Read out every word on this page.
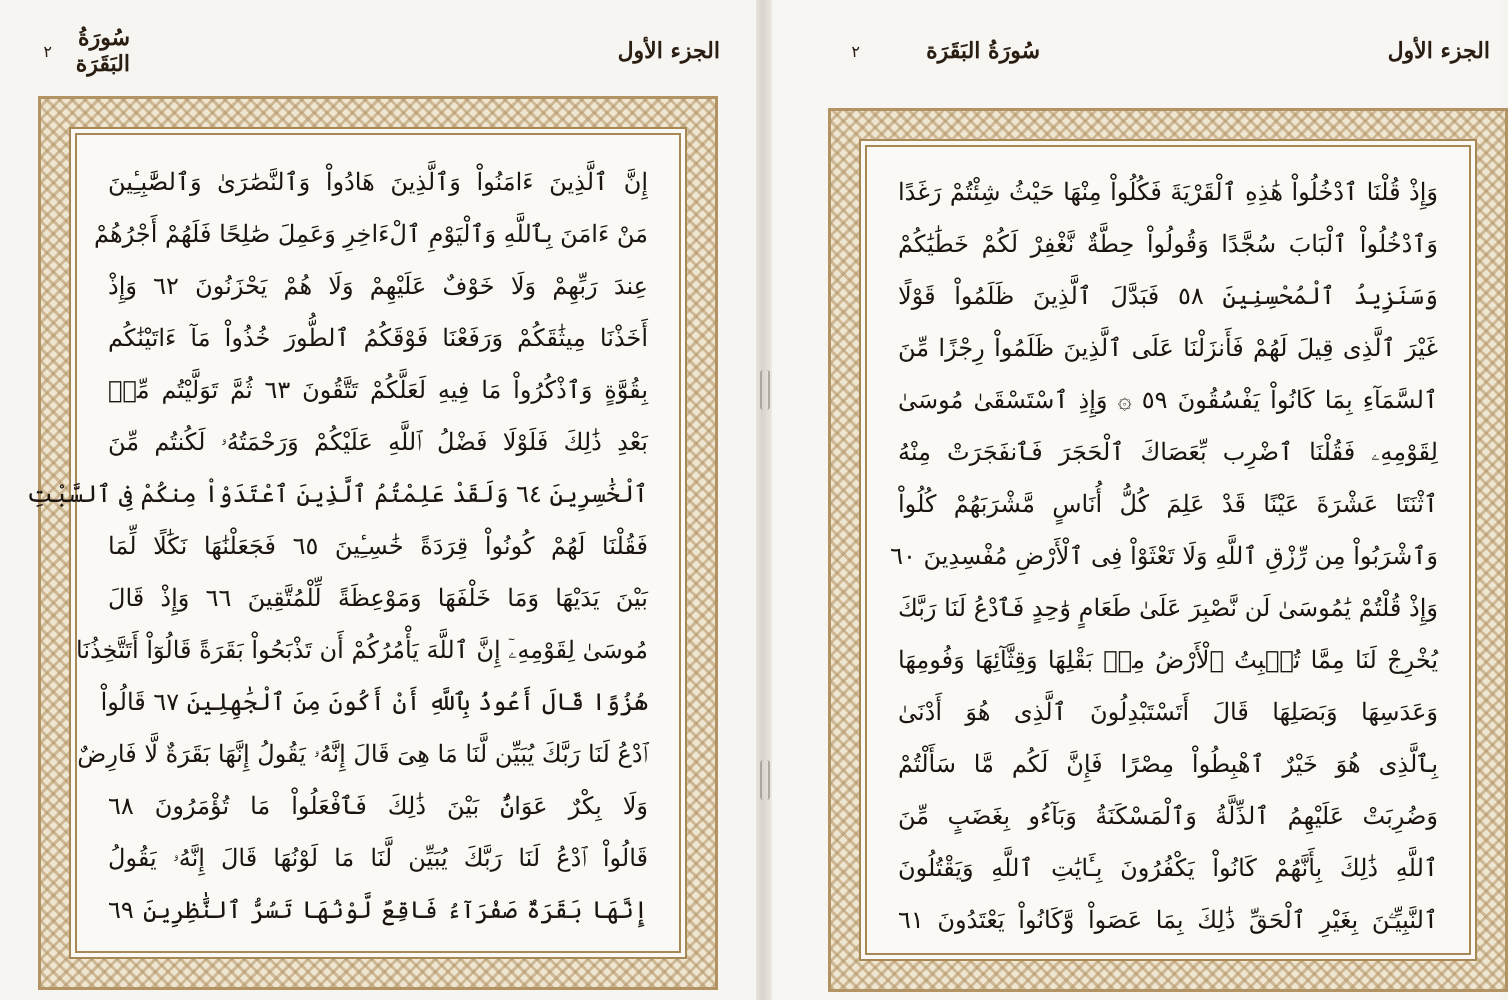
سُورَةُ البَقَرَة
٢	الجزء الأول	سُورَةُ البَقَرَة
٢	الجزء الأول
إِنَّ ٱلَّذِينَ ءَامَنُواْ وَٱلَّذِينَ هَادُواْ وَٱلنَّصَٰرَىٰ وَٱلصَّٰبِـِٔينَ
مَنْ ءَامَنَ بِٱللَّهِ وَٱلْيَوْمِ ٱلْءَاخِرِ وَعَمِلَ صَٰلِحًا فَلَهُمْ أَجْرُهُمْ
عِندَ رَبِّهِمْ وَلَا خَوْفٌ عَلَيْهِمْ وَلَا هُمْ يَحْزَنُونَ ٦٢ وَإِذْ
أَخَذْنَا مِيثَٰقَكُمْ وَرَفَعْنَا فَوْقَكُمُ ٱلطُّورَ خُذُواْ مَآ ءَاتَيْنَٰكُم
بِقُوَّةٍ وَٱذْكُرُواْ مَا فِيهِ لَعَلَّكُمْ تَتَّقُونَ ٦٣ ثُمَّ تَوَلَّيْتُم مِّنۢ
بَعْدِ ذَٰلِكَ فَلَوْلَا فَضْلُ ٱللَّهِ عَلَيْكُمْ وَرَحْمَتُهُۥ لَكُنتُم مِّنَ
ٱلْخَٰسِرِينَ ٦٤ وَلَقَدْ عَلِمْتُمُ ٱلَّذِينَ ٱعْتَدَوْاْ مِنكُمْ فِى ٱلسَّبْتِ
فَقُلْنَا لَهُمْ كُونُواْ قِرَدَةً خَٰسِـِٔينَ ٦٥ فَجَعَلْنَٰهَا نَكَٰلًا لِّمَا
بَيْنَ يَدَيْهَا وَمَا خَلْفَهَا وَمَوْعِظَةً لِّلْمُتَّقِينَ ٦٦ وَإِذْ قَالَ
مُوسَىٰ لِقَوْمِهِۦٓ إِنَّ ٱللَّهَ يَأْمُرُكُمْ أَن تَذْبَحُواْ بَقَرَةً قَالُوٓاْ أَتَتَّخِذُنَا
هُزُوًا قَالَ أَعُوذُ بِٱللَّهِ أَنْ أَكُونَ مِنَ ٱلْجَٰهِلِينَ ٦٧ قَالُواْ
ٱدْعُ لَنَا رَبَّكَ يُبَيِّن لَّنَا مَا هِىَ قَالَ إِنَّهُۥ يَقُولُ إِنَّهَا بَقَرَةٌ لَّا فَارِضٌ
وَلَا بِكْرٌ عَوَانٌۢ بَيْنَ ذَٰلِكَ فَٱفْعَلُواْ مَا تُؤْمَرُونَ ٦٨
قَالُواْ ٱدْعُ لَنَا رَبَّكَ يُبَيِّن لَّنَا مَا لَوْنُهَا قَالَ إِنَّهُۥ يَقُولُ
إِنَّهَا بَقَرَةٌ صَفْرَآءُ فَاقِعٌ لَّوْنُهَا تَسُرُّ ٱلنَّٰظِرِينَ ٦٩
وَإِذْ قُلْنَا ٱدْخُلُواْ هَٰذِهِ ٱلْقَرْيَةَ فَكُلُواْ مِنْهَا حَيْثُ شِئْتُمْ رَغَدًا
وَٱدْخُلُواْ ٱلْبَابَ سُجَّدًا وَقُولُواْ حِطَّةٌ نَّغْفِرْ لَكُمْ خَطَٰيَٰكُمْ
وَسَنَزِيدُ ٱلْمُحْسِنِينَ ٥٨ فَبَدَّلَ ٱلَّذِينَ ظَلَمُواْ قَوْلًا
غَيْرَ ٱلَّذِى قِيلَ لَهُمْ فَأَنزَلْنَا عَلَى ٱلَّذِينَ ظَلَمُواْ رِجْزًا مِّنَ
ٱلسَّمَآءِ بِمَا كَانُواْ يَفْسُقُونَ ٥٩ ۞ وَإِذِ ٱسْتَسْقَىٰ مُوسَىٰ
لِقَوْمِهِۦ فَقُلْنَا ٱضْرِب بِّعَصَاكَ ٱلْحَجَرَ فَٱنفَجَرَتْ مِنْهُ
ٱثْنَتَا عَشْرَةَ عَيْنًا قَدْ عَلِمَ كُلُّ أُنَاسٍ مَّشْرَبَهُمْ كُلُواْ
وَٱشْرَبُواْ مِن رِّزْقِ ٱللَّهِ وَلَا تَعْثَوْاْ فِى ٱلْأَرْضِ مُفْسِدِينَ ٦٠
وَإِذْ قُلْتُمْ يَٰمُوسَىٰ لَن نَّصْبِرَ عَلَىٰ طَعَامٍ وَٰحِدٍ فَٱدْعُ لَنَا رَبَّكَ
يُخْرِجْ لَنَا مِمَّا تُنۢبِتُ ٱلْأَرْضُ مِنۢ بَقْلِهَا وَقِثَّآئِهَا وَفُومِهَا
وَعَدَسِهَا وَبَصَلِهَا قَالَ أَتَسْتَبْدِلُونَ ٱلَّذِى هُوَ أَدْنَىٰ
بِٱلَّذِى هُوَ خَيْرٌ ٱهْبِطُواْ مِصْرًا فَإِنَّ لَكُم مَّا سَأَلْتُمْ
وَضُرِبَتْ عَلَيْهِمُ ٱلذِّلَّةُ وَٱلْمَسْكَنَةُ وَبَآءُو بِغَضَبٍ مِّنَ
ٱللَّهِ ذَٰلِكَ بِأَنَّهُمْ كَانُواْ يَكْفُرُونَ بِـَٔايَٰتِ ٱللَّهِ وَيَقْتُلُونَ
ٱلنَّبِيِّـۧنَ بِغَيْرِ ٱلْحَقِّ ذَٰلِكَ بِمَا عَصَواْ وَّكَانُواْ يَعْتَدُونَ ٦١
